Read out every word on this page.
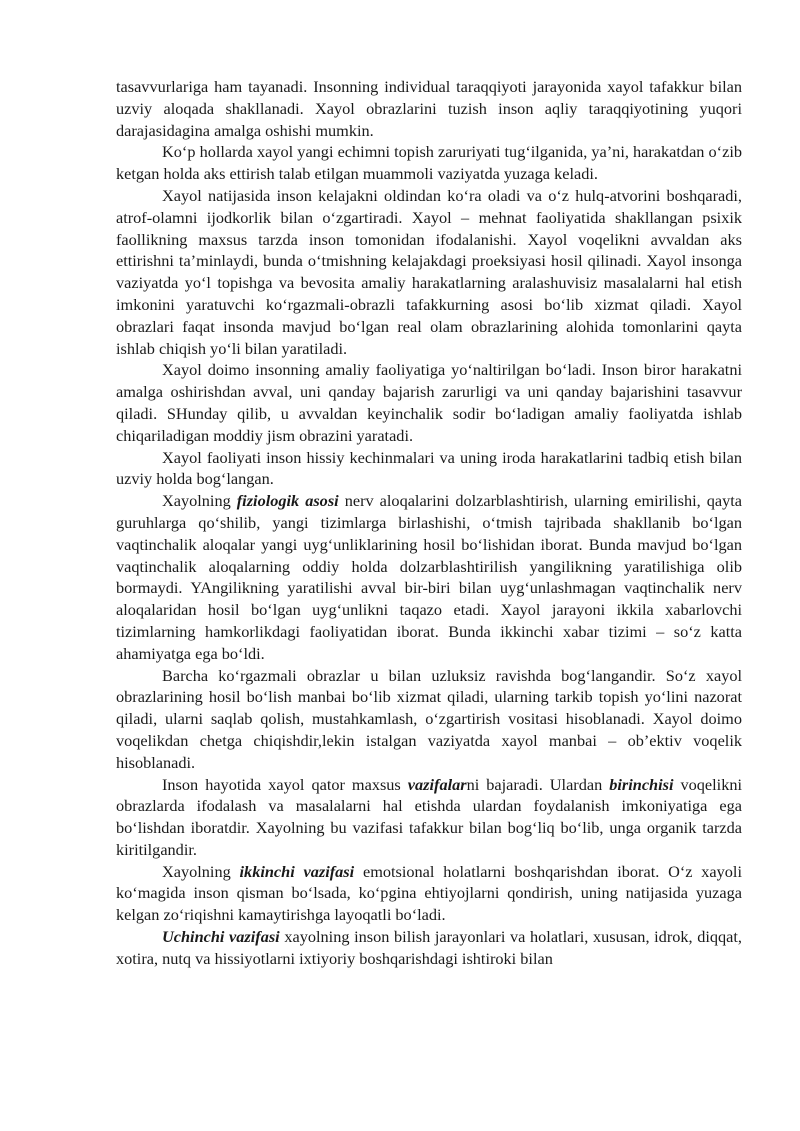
tasavvurlariga ham tayanadi. Insonning individual taraqqiyoti jarayonida xayol tafakkur bilan uzviy aloqada shakllanadi. Xayol obrazlarini tuzish inson aqliy taraqqiyotining yuqori darajasidagina amalga oshishi mumkin.

Ko‘p hollarda xayol yangi echimni topish zaruriyati tug‘ilganida, ya’ni, harakatdan o‘zib ketgan holda aks ettirish talab etilgan muammoli vaziyatda yuzaga keladi.

Xayol natijasida inson kelajakni oldindan ko‘ra oladi va o‘z hulq-atvorini boshqaradi, atrof-olamni ijodkorlik bilan o‘zgartiradi. Xayol – mehnat faoliyatida shakllangan psixik faollikning maxsus tarzda inson tomonidan ifodalanishi. Xayol voqelikni avvaldan aks ettirishni ta’minlaydi, bunda o‘tmishning kelajakdagi proeksiyasi hosil qilinadi. Xayol insonga vaziyatda yo‘l topishga va bevosita amaliy harakatlarning aralashuvisiz masalalarni hal etish imkonini yaratuvchi ko‘rgazmali-obrazli tafakkurning asosi bo‘lib xizmat qiladi. Xayol obrazlari faqat insonda mavjud bo‘lgan real olam obrazlarining alohida tomonlarini qayta ishlab chiqish yo‘li bilan yaratiladi.

Xayol doimo insonning amaliy faoliyatiga yo‘naltirilgan bo‘ladi. Inson biror harakatni amalga oshirishdan avval, uni qanday bajarish zarurligi va uni qanday bajarishini tasavvur qiladi. SHunday qilib, u avvaldan keyinchalik sodir bo‘ladigan amaliy faoliyatda ishlab chiqariladigan moddiy jism obrazini yaratadi.

Xayol faoliyati inson hissiy kechinmalari va uning iroda harakatlarini tadbiq etish bilan uzviy holda bog‘langan.

Xayolning fiziologik asosi nerv aloqalarini dolzarblashtirish, ularning emirilishi, qayta guruhlarga qo‘shilib, yangi tizimlarga birlashishi, o‘tmish tajribada shakllanib bo‘lgan vaqtinchalik aloqalar yangi uyg‘unliklarining hosil bo‘lishidan iborat. Bunda mavjud bo‘lgan vaqtinchalik aloqalarning oddiy holda dolzarblashtirilish yangilikning yaratilishiga olib bormaydi. YAngilikning yaratilishi avval bir-biri bilan uyg‘unlashmagan vaqtinchalik nerv aloqalaridan hosil bo‘lgan uyg‘unlikni taqazo etadi. Xayol jarayoni ikkila xabarlovchi tizimlarning hamkorlikdagi faoliyatidan iborat. Bunda ikkinchi xabar tizimi – so‘z katta ahamiyatga ega bo‘ldi.

Barcha ko‘rgazmali obrazlar u bilan uzluksiz ravishda bog‘langandir. So‘z xayol obrazlarining hosil bo‘lish manbai bo‘lib xizmat qiladi, ularning tarkib topish yo‘lini nazorat qiladi, ularni saqlab qolish, mustahkamlash, o‘zgartirish vositasi hisoblanadi. Xayol doimo voqelikdan chetga chiqishdir,lekin istalgan vaziyatda xayol manbai – ob’ektiv voqelik hisoblanadi.

Inson hayotida xayol qator maxsus vazifalarni bajaradi. Ulardan birinchisi voqelikni obrazlarda ifodalash va masalalarni hal etishda ulardan foydalanish imkoniyatiga ega bo‘lishdan iboratdir. Xayolning bu vazifasi tafakkur bilan bog‘liq bo‘lib, unga organik tarzda kiritilgandir.

Xayolning ikkinchi vazifasi emotsional holatlarni boshqarishdan iborat. O‘z xayoli ko‘magida inson qisman bo‘lsada, ko‘pgina ehtiyojlarni qondirish, uning natijasida yuzaga kelgan zo‘riqishni kamaytirishga layoqatli bo‘ladi.

Uchinchi vazifasi xayolning inson bilish jarayonlari va holatlari, xususan, idrok, diqqat, xotira, nutq va hissiyotlarni ixtiyoriy boshqarishdagi ishtiroki bilan
